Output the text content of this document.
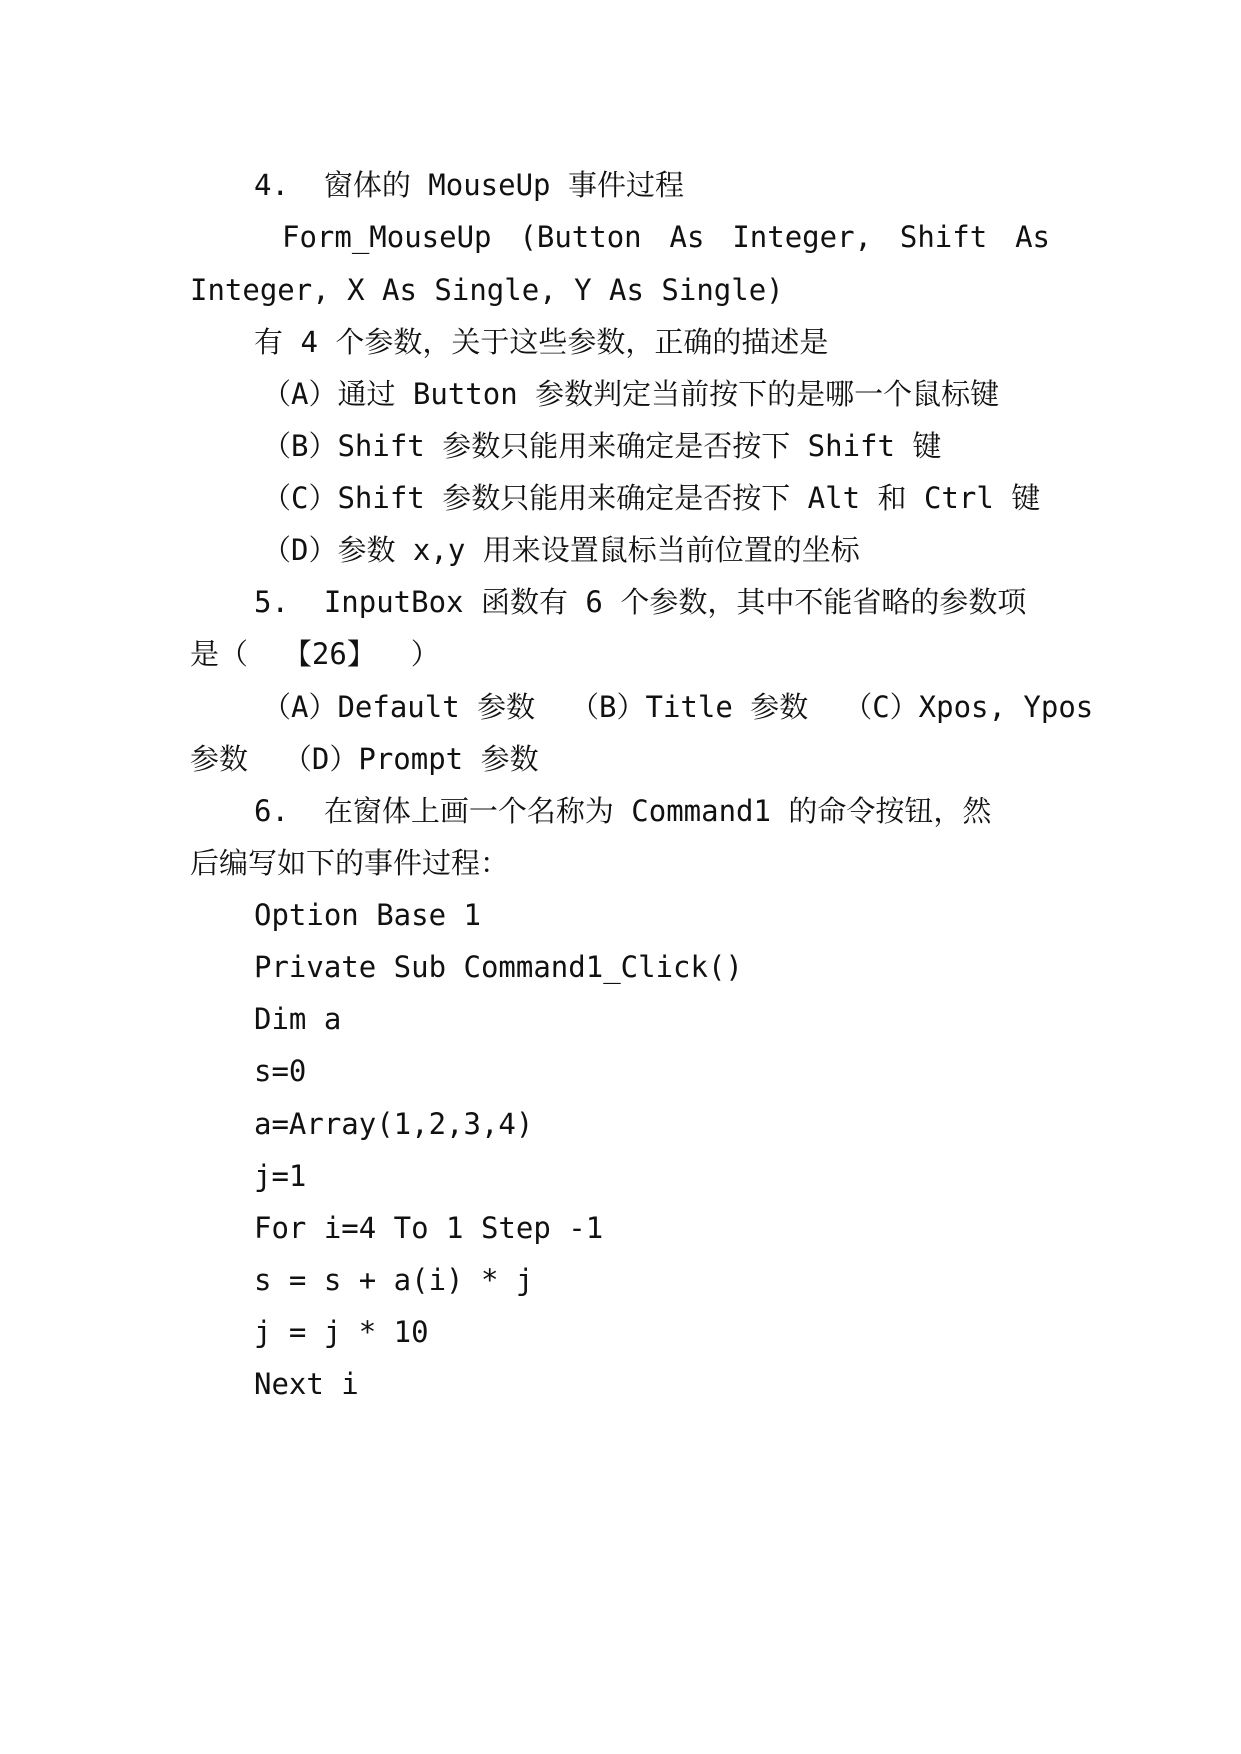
4.  窗体的 MouseUp 事件过程
Form_MouseUp (Button As Integer, Shift As
Integer, X As Single, Y As Single)
有 4 个参数，关于这些参数，正确的描述是
（A）通过 Button 参数判定当前按下的是哪一个鼠标键
（B）Shift 参数只能用来确定是否按下 Shift 键
（C）Shift 参数只能用来确定是否按下 Alt 和 Ctrl 键
（D）参数 x,y 用来设置鼠标当前位置的坐标
5.  InputBox 函数有 6 个参数，其中不能省略的参数项
是（  【26】  ）
（A）Default 参数  （B）Title 参数  （C）Xpos, Ypos
参数  （D）Prompt 参数
6.  在窗体上画一个名称为 Command1 的命令按钮，然
后编写如下的事件过程：
Option Base 1
Private Sub Command1_Click()
Dim a
s=0
a=Array(1,2,3,4)
j=1
For i=4 To 1 Step -1
s = s + a(i) * j
j = j * 10
Next i
